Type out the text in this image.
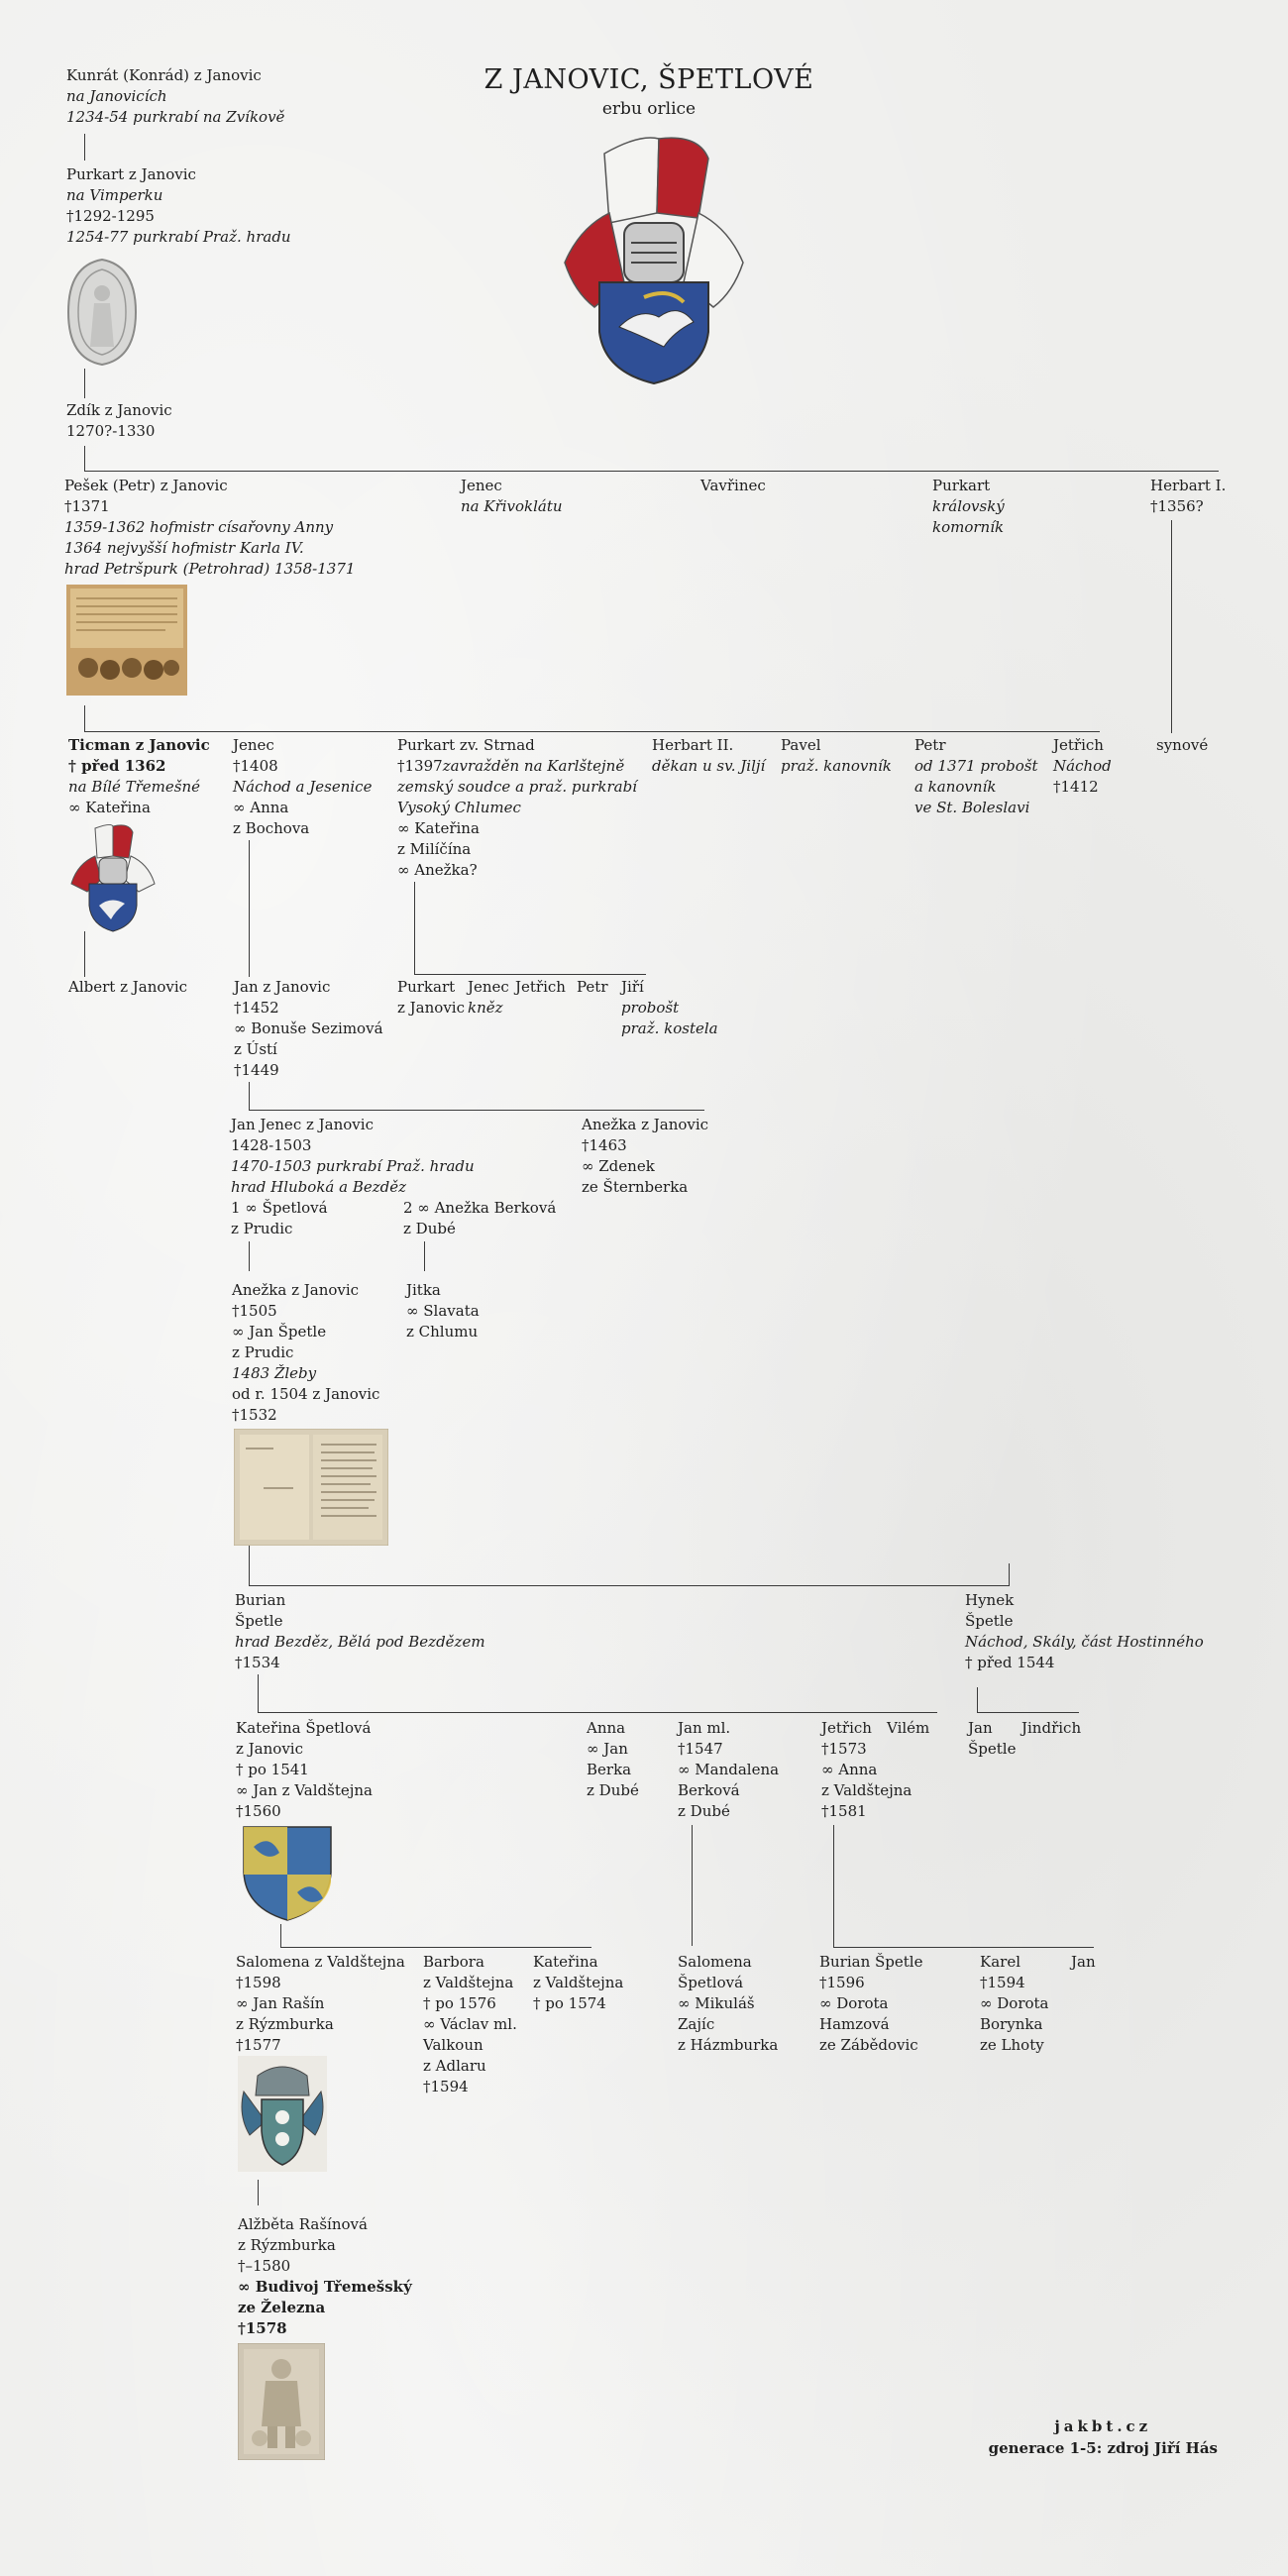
Z JANOVIC, ŠPETLOVÉ
erbu orlice
Kunrát (Konrád) z Janovic
na Janovicích
1234-54 purkrabí na Zvíkově
Purkart z Janovic
na Vimperku
†1292-1295
1254-77 purkrabí Praž. hradu
Zdík z Janovic
1270?-1330
Pešek (Petr) z Janovic
†1371
1359-1362 hofmistr císařovny Anny
1364 nejvyšší hofmistr Karla IV.
hrad Petršpurk (Petrohrad) 1358-1371
Jenec
na Křivoklátu
Vavřinec	Purkart
královský
komorník
Herbart I.
†1356?
synové
Ticman z Janovic
† před 1362
na Bílé Třemešné
∞ Kateřina
Jenec
†1408
Náchod a Jesenice
∞ Anna
z Bochova
Purkart zv. Strnad
†1397zavražděn na Karlštejně
zemský soudce a praž. purkrabí
Vysoký Chlumec
∞ Kateřina
z Milíčína
∞ Anežka?
Herbart II.
děkan u sv. Jiljí
Pavel
praž. kanovník
Petr
od 1371 probošt
a kanovník
ve St. Boleslavi
Jetřich
Náchod
†1412
Albert z Janovic	Jan z Janovic
†1452
∞ Bonuše Sezimová
z Ústí
†1449
Purkart
z Janovic
Jenec
kněz
Jetřich Petr Jiří
probošt
praž. kostela
Jan Jenec z Janovic
1428-1503
1470-1503 purkrabí Praž. hradu
hrad Hluboká a Bezděz
1 ∞ Špetlová
z Prudic
2 ∞ Anežka Berková
z Dubé
Anežka z Janovic
†1463
∞ Zdenek
ze Šternberka
Anežka z Janovic
†1505
∞ Jan Špetle
z Prudic
1483 Žleby
od r. 1504 z Janovic
†1532
Jitka
∞ Slavata
z Chlumu
Burian
Špetle
hrad Bezděz, Bělá pod Bezdězem
†1534
Hynek
Špetle
Náchod, Skály, část Hostinného
† před 1544
Kateřina Špetlová
z Janovic
† po 1541
∞ Jan z Valdštejna
†1560
Anna
∞ Jan
Berka
z Dubé
Jan ml.
†1547
∞ Mandalena
Berková
z Dubé
Jetřich
†1573
∞ Anna
z Valdštejna
†1581
Vilém	Jan
Špetle
Jindřich
Salomena z Valdštejna
†1598
∞ Jan Rašín
z Rýzmburka
†1577
Barbora
z Valdštejna
† po 1576
∞ Václav ml.
Valkoun
z Adlaru
†1594
Kateřina
z Valdštejna
† po 1574
Salomena
Špetlová
∞ Mikuláš
Zajíc
z Házmburka
Burian Špetle
†1596
∞ Dorota
Hamzová
ze Zábědovic
Karel
†1594
∞ Dorota
Borynka
ze Lhoty
Jan
Alžběta Rašínová
z Rýzmburka
†–1580
∞ Budivoj Třemešský
ze Železna
†1578
jakbt.cz
generace 1-5: zdroj Jiří Hás
